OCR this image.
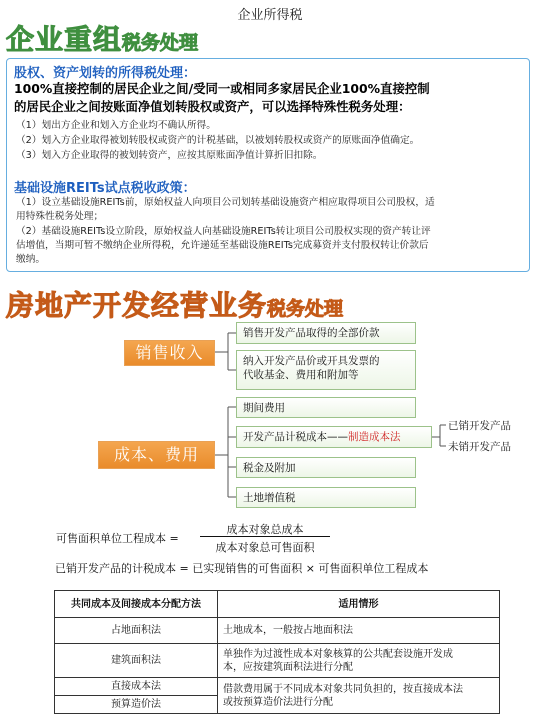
企业所得税
企业重组税务处理
股权、资产划转的所得税处理：
100%直接控制的居民企业之间/受同一或相同多家居民企业100%直接控制
的居民企业之间按账面净值划转股权或资产，可以选择特殊性税务处理：
（1）划出方企业和划入方企业均不确认所得。
（2）划入方企业取得被划转股权或资产的计税基础，以被划转股权或资产的原账面净值确定。
（3）划入方企业取得的被划转资产，应按其原账面净值计算折旧扣除。
基础设施REITs试点税收政策：
（1）设立基础设施REITs前，原始权益人向项目公司划转基础设施资产相应取得项目公司股权，适
用特殊性税务处理；
（2）基础设施REITs设立阶段，原始权益人向基础设施REITs转让项目公司股权实现的资产转让评
估增值，当期可暂不缴纳企业所得税，允许递延至基础设施REITs完成募资并支付股权转让价款后
缴纳。
房地产开发经营业务税务处理
销售收入
销售开发产品取得的全部价款
纳入开发产品价或开具发票的
代收基金、费用和附加等
成本、费用
期间费用
开发产品计税成本——制造成本法
税金及附加
土地增值税
已销开发产品
未销开发产品
可售面积单位工程成本 =
成本对象总成本
成本对象总可售面积
已销开发产品的计税成本 = 已实现销售的可售面积 × 可售面积单位工程成本
共同成本及间接成本分配方法	适用情形
占地面积法	土地成本，一般按占地面积法
建筑面积法	单独作为过渡性成本对象核算的公共配套设施开发成
本，应按建筑面积法进行分配

直接成本法	借款费用属于不同成本对象共同负担的，按直接成本法
或按预算造价法进行分配

预算造价法	
